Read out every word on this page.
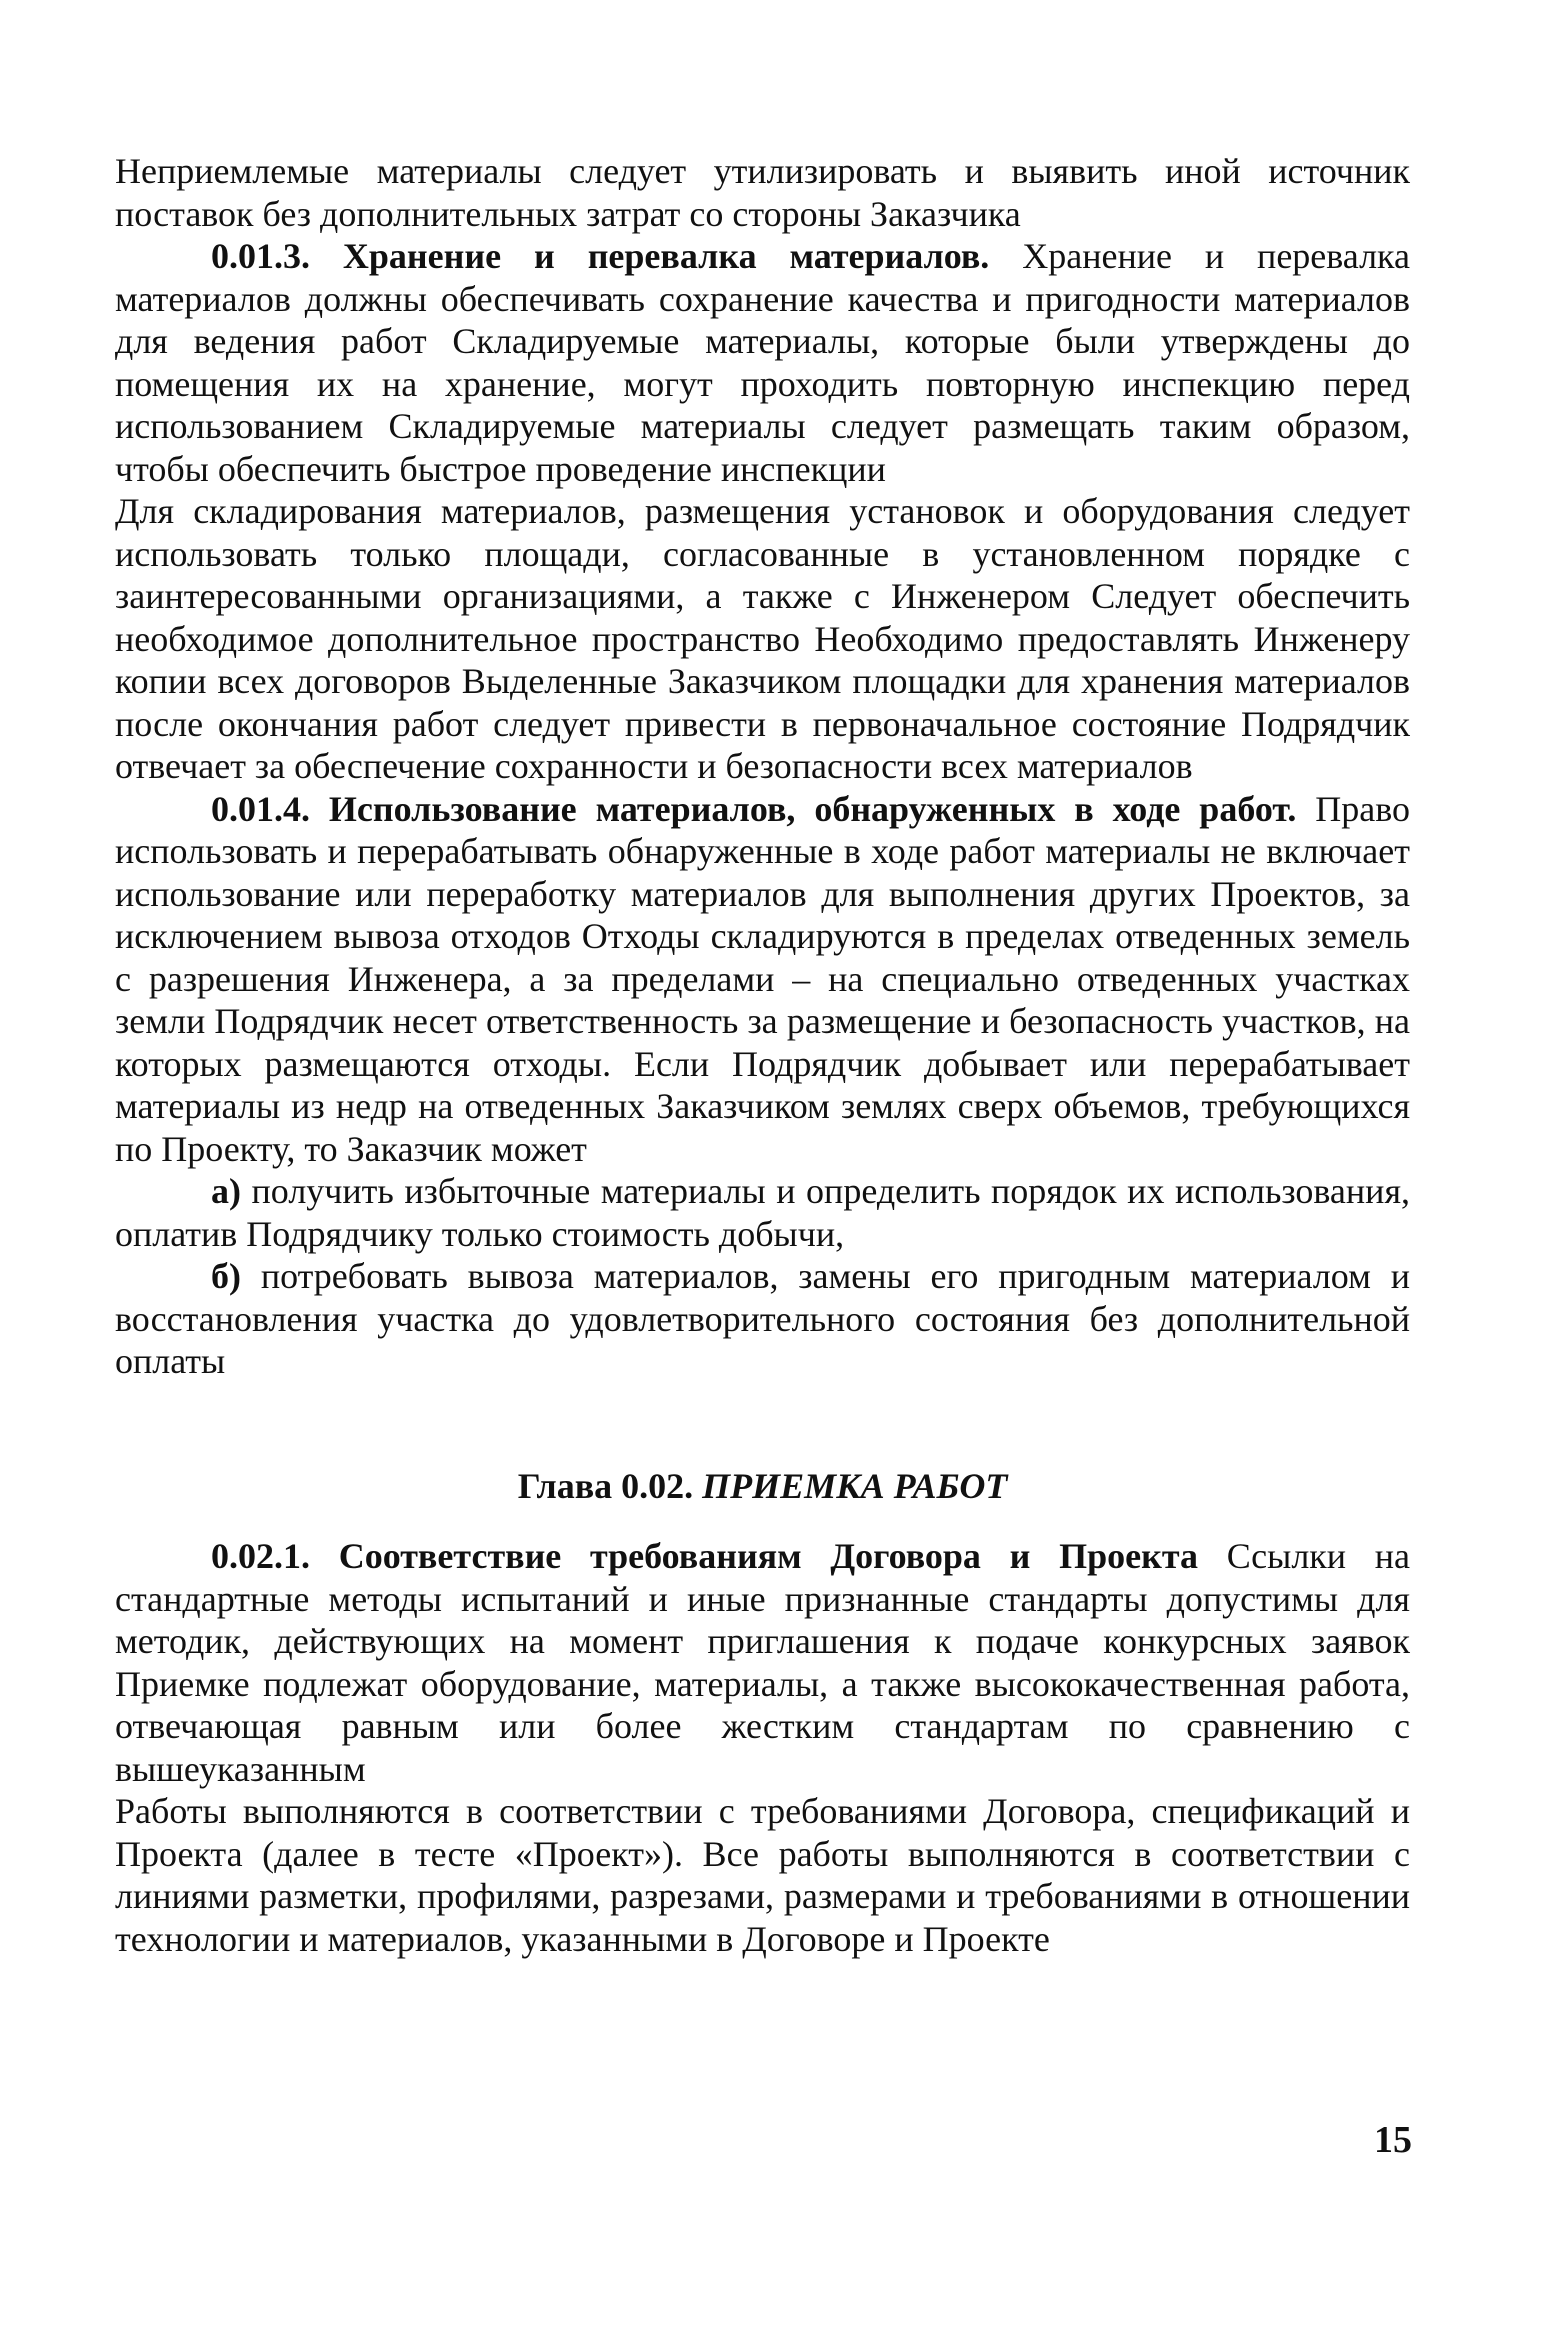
Неприемлемые материалы следует утилизировать и выявить иной источник поставок без дополнительных затрат со стороны Заказчика

0.01.3. Хранение и перевалка материалов. Хранение и перевалка материалов должны обеспечивать сохранение качества и пригодности материалов для ведения работ Складируемые материалы, которые были утверждены до помещения их на хранение, могут проходить повторную инспекцию перед использованием Складируемые материалы следует размещать таким образом, чтобы обеспечить быстрое проведение инспекции

Для складирования материалов, размещения установок и оборудования следует использовать только площади, согласованные в установленном порядке с заинтересованными организациями, а также с Инженером Следует обеспечить необходимое дополнительное пространство Необходимо предоставлять Инженеру копии всех договоров Выделенные Заказчиком площадки для хранения материалов после окончания работ следует привести в первоначальное состояние Подрядчик отвечает за обеспечение сохранности и безопасности всех материалов

0.01.4. Использование материалов, обнаруженных в ходе работ. Право использовать и перерабатывать обнаруженные в ходе работ материалы не включает использование или переработку материалов для выполнения других Проектов, за исключением вывоза отходов Отходы складируются в пределах отведенных земель с разрешения Инженера, а за пределами – на специально отведенных участках земли Подрядчик несет ответственность за размещение и безопасность участков, на которых размещаются отходы. Если Подрядчик добывает или перерабатывает материалы из недр на отведенных Заказчиком землях сверх объемов, требующихся по Проекту, то Заказчик может

а) получить избыточные материалы и определить порядок их использования, оплатив Подрядчику только стоимость добычи,

б) потребовать вывоза материалов, замены его пригодным материалом и восстановления участка до удовлетворительного состояния без дополнительной оплаты

Глава 0.02. ПРИЕМКА РАБОТ

0.02.1. Соответствие требованиям Договора и Проекта Ссылки на стандартные методы испытаний и иные признанные стандарты допустимы для методик, действующих на момент приглашения к подаче конкурсных заявок Приемке подлежат оборудование, материалы, а также высококачественная работа, отвечающая равным или более жестким стандартам по сравнению с вышеуказанным

Работы выполняются в соответствии с требованиями Договора, спецификаций и Проекта (далее в тесте «Проект»). Все работы выполняются в соответствии с линиями разметки, профилями, разрезами, размерами и требованиями в отношении технологии и материалов, указанными в Договоре и Проекте

15
